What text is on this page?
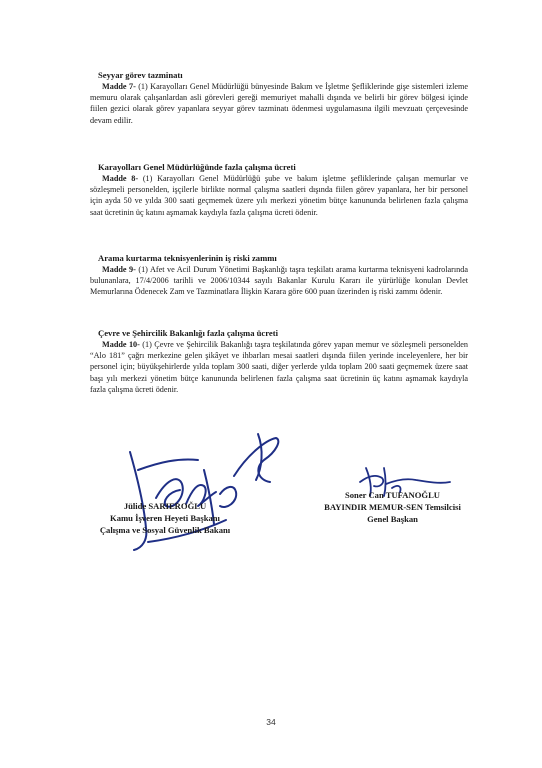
Seyyar görev tazminatı

Madde 7- (1) Karayolları Genel Müdürlüğü bünyesinde Bakım ve İşletme Şefliklerinde gişe sistemleri izleme memuru olarak çalışanlardan asli görevleri gereği memuriyet mahalli dışında ve belirli bir görev bölgesi içinde fiilen gezici olarak görev yapanlara seyyar görev tazminatı ödenmesi uygulamasına ilgili mevzuatı çerçevesinde devam edilir.

Karayolları Genel Müdürlüğünde fazla çalışma ücreti

Madde 8- (1) Karayolları Genel Müdürlüğü şube ve bakım işletme şefliklerinde çalışan memurlar ve sözleşmeli personelden, işçilerle birlikte normal çalışma saatleri dışında fiilen görev yapanlara, her bir personel için ayda 50 ve yılda 300 saati geçmemek üzere yılı merkezi yönetim bütçe kanununda belirlenen fazla çalışma saat ücretinin üç katını aşmamak kaydıyla fazla çalışma ücreti ödenir.

Arama kurtarma teknisyenlerinin iş riski zammı

Madde 9- (1) Afet ve Acil Durum Yönetimi Başkanlığı taşra teşkilatı arama kurtarma teknisyeni kadrolarında bulunanlara, 17/4/2006 tarihli ve 2006/10344 sayılı Bakanlar Kurulu Kararı ile yürürlüğe konulan Devlet Memurlarına Ödenecek Zam ve Tazminatlara İlişkin Karara göre 600 puan üzerinden iş riski zammı ödenir.

Çevre ve Şehircilik Bakanlığı fazla çalışma ücreti

Madde 10- (1) Çevre ve Şehircilik Bakanlığı taşra teşkilatında görev yapan memur ve sözleşmeli personelden “Alo 181” çağrı merkezine gelen şikâyet ve ihbarları mesai saatleri dışında fiilen yerinde inceleyenlere, her bir personel için; büyükşehirlerde yılda toplam 300 saati, diğer yerlerde yılda toplam 200 saati geçmemek üzere saat başı yılı merkezi yönetim bütçe kanununda belirlenen fazla çalışma saat ücretinin üç katını aşmamak kaydıyla fazla çalışma ücreti ödenir.

Jülide SARIEROĞLU
Kamu İşveren Heyeti Başkanı
Çalışma ve Sosyal Güvenlik Bakanı
Soner Can TUFANOĞLU
BAYINDIR MEMUR-SEN Temsilcisi
Genel Başkan
34
